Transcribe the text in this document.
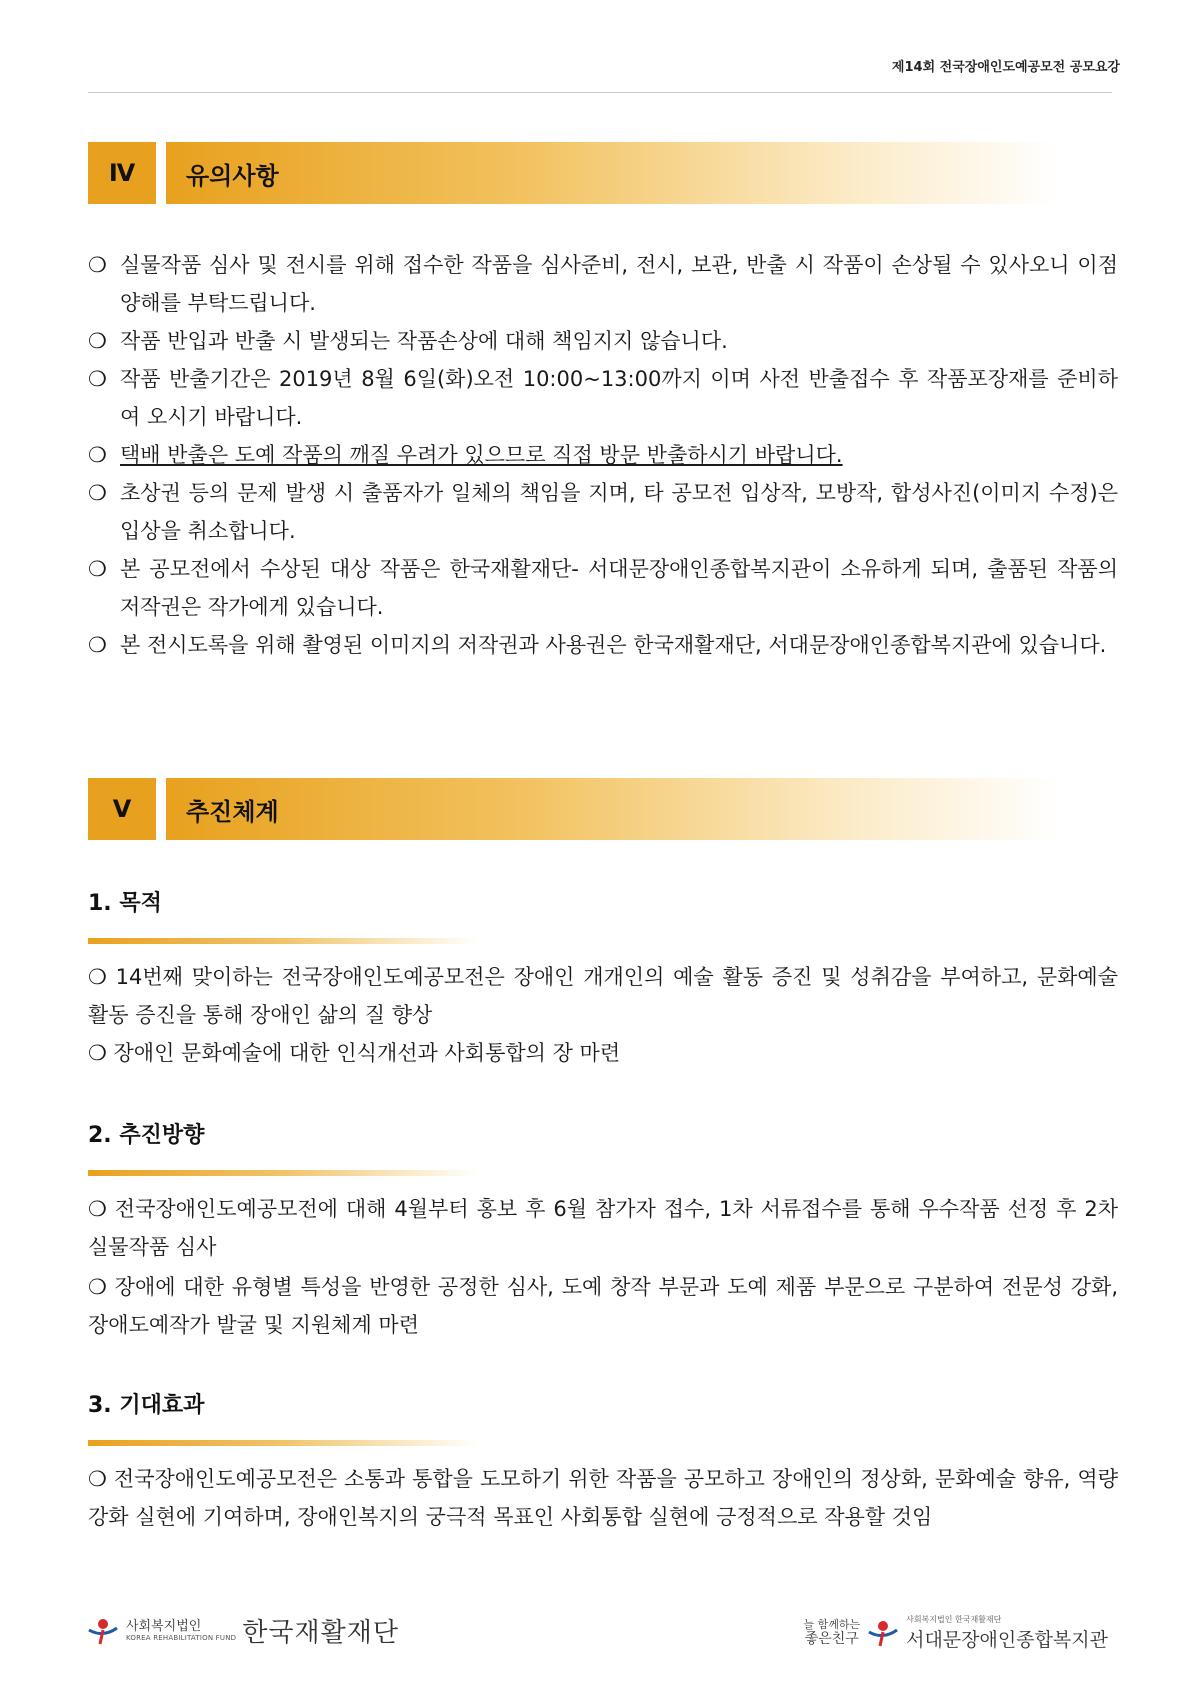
제14회 전국장애인도예공모전 공모요강
Ⅳ	유의사항
❍ 실물작품 심사 및 전시를 위해 접수한 작품을 심사준비, 전시, 보관, 반출 시 작품이 손상될 수 있사오니 이점 양해를 부탁드립니다.
❍ 작품 반입과 반출 시 발생되는 작품손상에 대해 책임지지 않습니다.
❍ 작품 반출기간은 2019년 8월 6일(화)오전 10:00~13:00까지 이며 사전 반출접수 후 작품포장재를 준비하여 오시기 바랍니다.
❍ 택배 반출은 도예 작품의 깨질 우려가 있으므로 직접 방문 반출하시기 바랍니다.
❍ 초상권 등의 문제 발생 시 출품자가 일체의 책임을 지며, 타 공모전 입상작, 모방작, 합성사진(이미지 수정)은 입상을 취소합니다.
❍ 본 공모전에서 수상된 대상 작품은 한국재활재단- 서대문장애인종합복지관이 소유하게 되며, 출품된 작품의 저작권은 작가에게 있습니다.
❍ 본 전시도록을 위해 촬영된 이미지의 저작권과 사용권은 한국재활재단, 서대문장애인종합복지관에 있습니다.
Ⅴ	추진체계
1. 목적

❍ 14번째 맞이하는 전국장애인도예공모전은 장애인 개개인의 예술 활동 증진 및 성취감을 부여하고, 문화예술 활동 증진을 통해 장애인 삶의 질 향상

❍ 장애인 문화예술에 대한 인식개선과 사회통합의 장 마련

2. 추진방향

❍ 전국장애인도예공모전에 대해 4월부터 홍보 후 6월 참가자 접수, 1차 서류접수를 통해 우수작품 선정 후 2차 실물작품 심사

❍ 장애에 대한 유형별 특성을 반영한 공정한 심사, 도예 창작 부문과 도예 제품 부문으로 구분하여 전문성 강화, 장애도예작가 발굴 및 지원체계 마련

3. 기대효과

❍ 전국장애인도예공모전은 소통과 통합을 도모하기 위한 작품을 공모하고 장애인의 정상화, 문화예술 향유, 역량강화 실현에 기여하며, 장애인복지의 궁극적 목표인 사회통합 실현에 긍정적으로 작용할 것임

사회복지법인
KOREA REHABILITATION FUND 한국재활재단	늘 함께하는
좋은친구
사회복지법인 한국재활재단
서대문장애인종합복지관
